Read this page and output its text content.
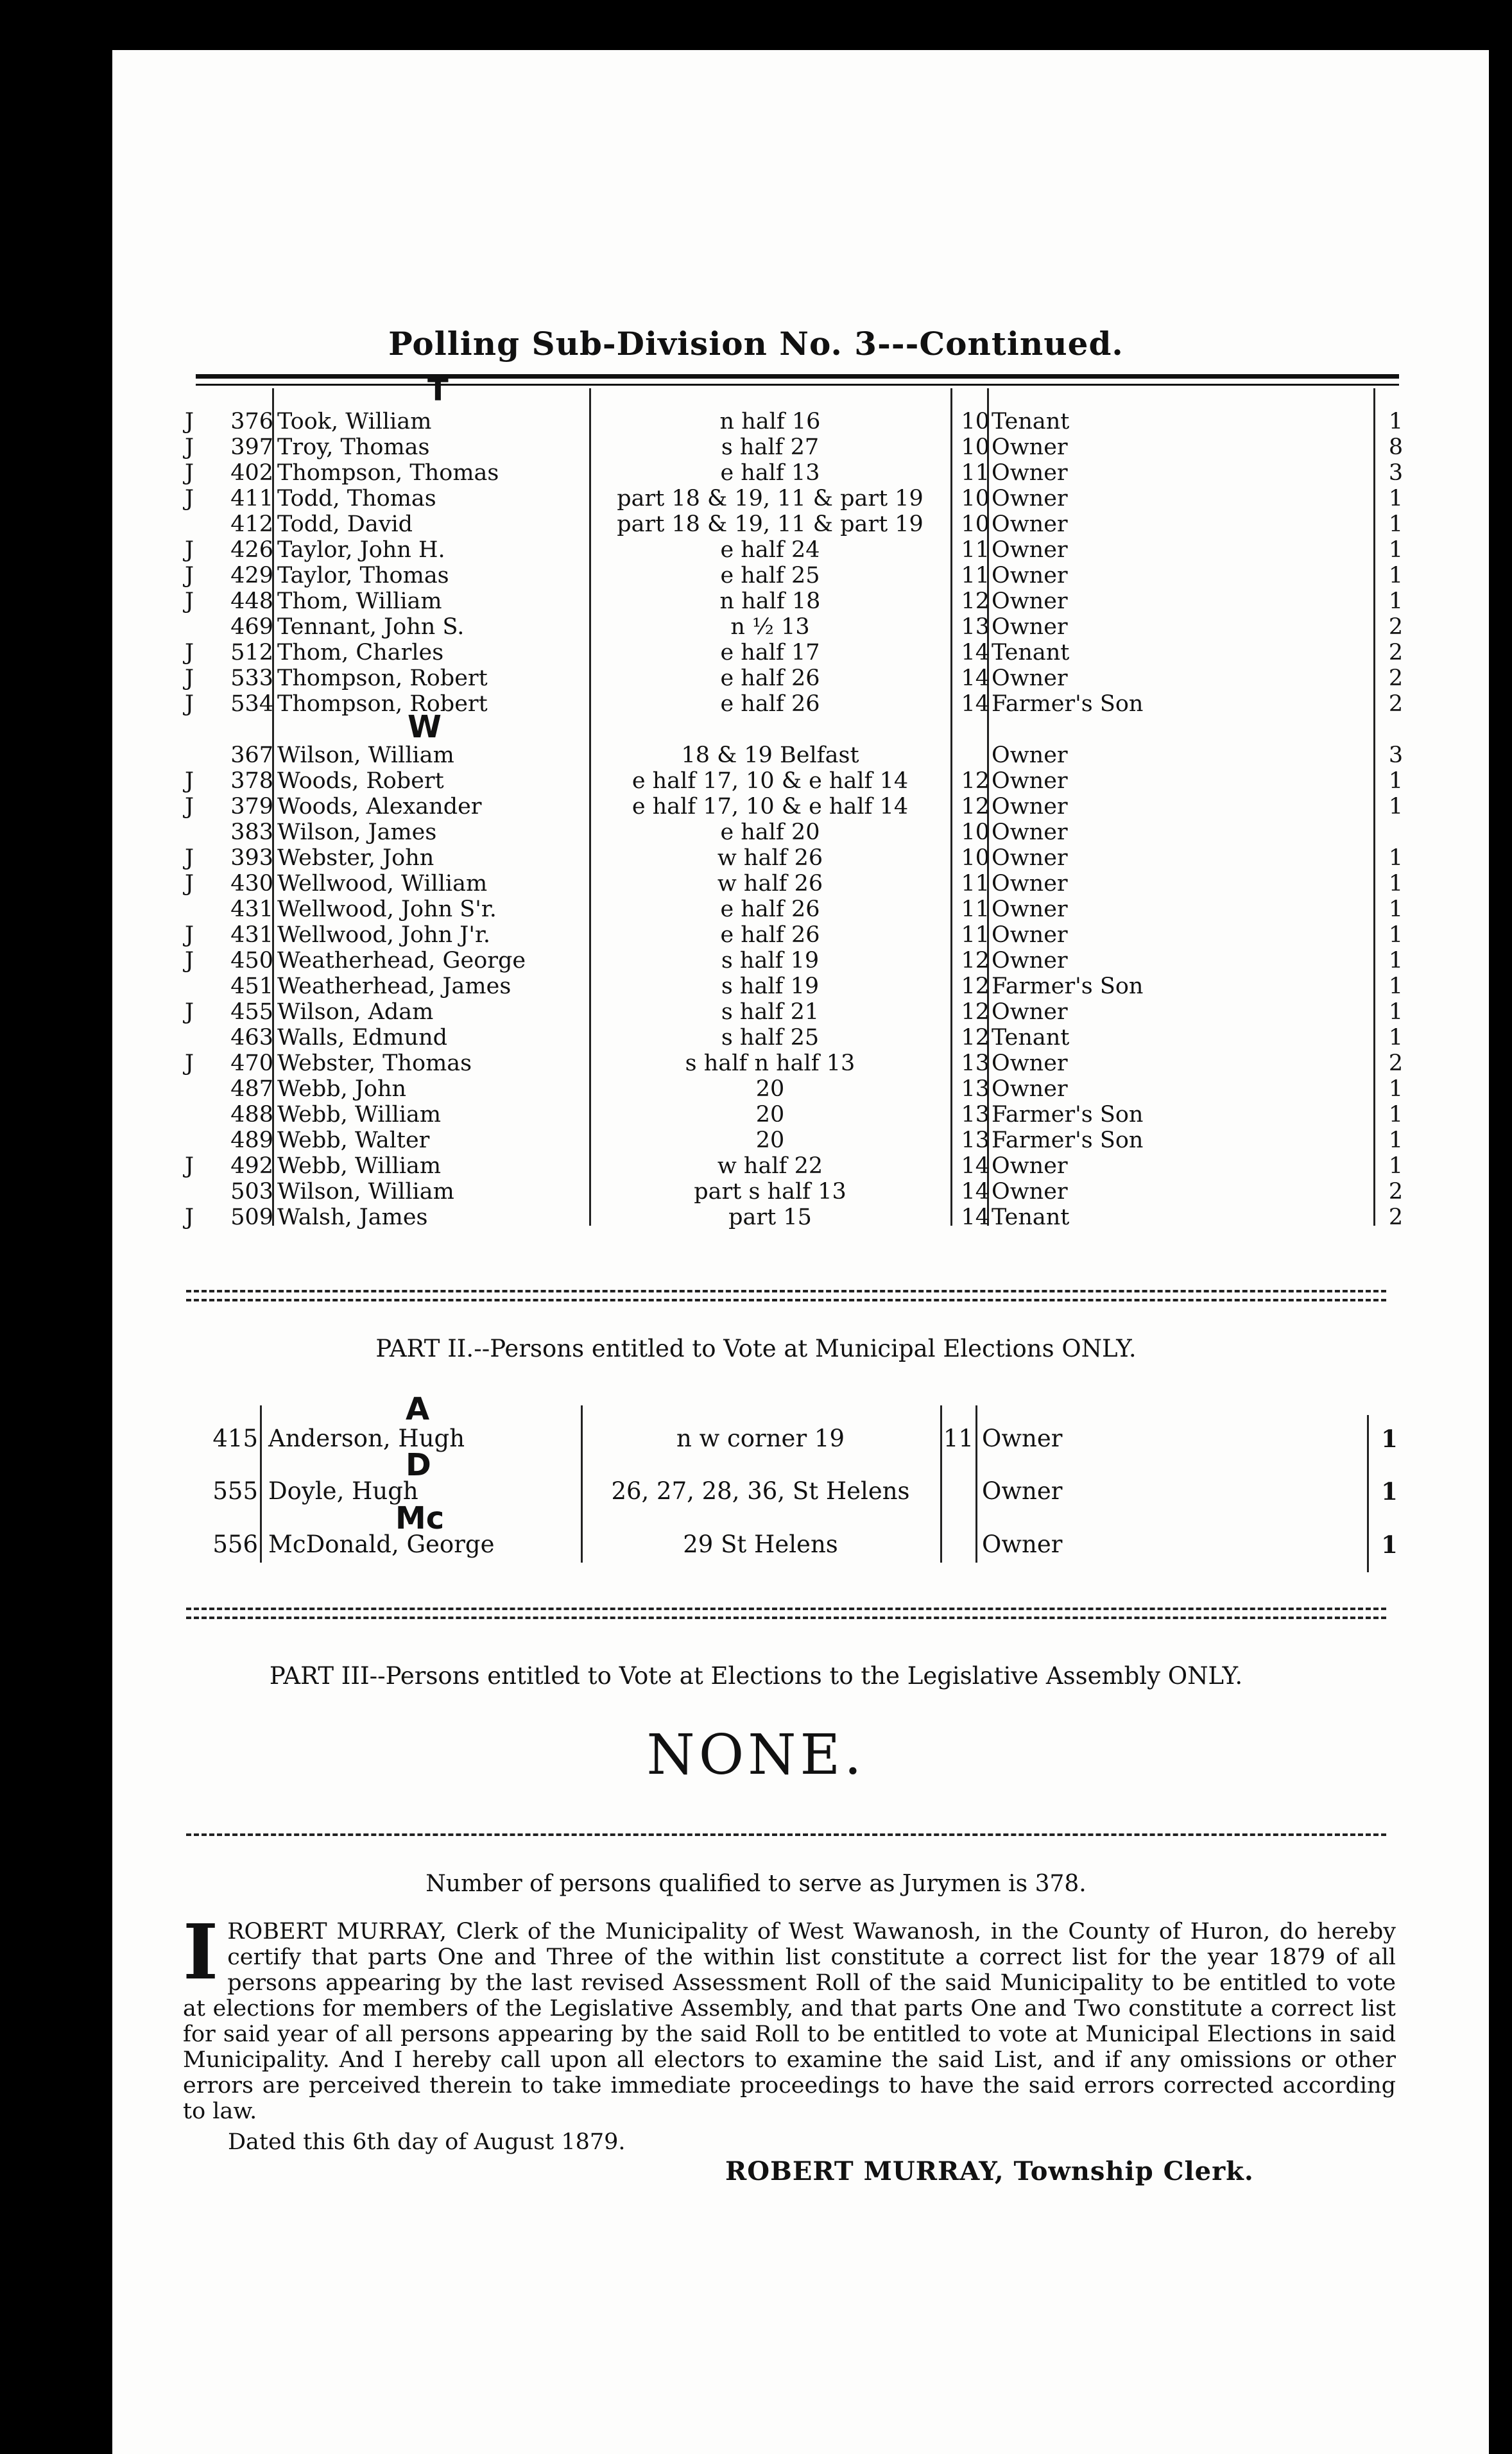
Polling Sub-Division No. 3---Continued.
T
W
J	376 Took, William	n half 16	10 Tenant	1
J	397 Troy, Thomas	s half 27	10 Owner	8
J	402 Thompson, Thomas	e half 13	11 Owner	3
J	411 Todd, Thomas	part 18 & 19, 11 & part 19	10 Owner	1
412 Todd, David	part 18 & 19, 11 & part 19	10 Owner	1
J	426 Taylor, John H.	e half 24	11 Owner	1
J	429 Taylor, Thomas	e half 25	11 Owner	1
J	448 Thom, William	n half 18	12 Owner	1
469 Tennant, John S.	n ½ 13	13 Owner	2
J	512 Thom, Charles	e half 17	14 Tenant	2
J	533 Thompson, Robert	e half 26	14 Owner	2
J	534 Thompson, Robert	e half 26	14 Farmer's Son	2
367 Wilson, William	18 & 19 Belfast	Owner	3
J	378 Woods, Robert	e half 17, 10 & e half 14	12 Owner	1
J	379 Woods, Alexander	e half 17, 10 & e half 14	12 Owner	1
383 Wilson, James	e half 20	10 Owner
J	393 Webster, John	w half 26	10 Owner	1
J	430 Wellwood, William	w half 26	11 Owner	1
431 Wellwood, John S'r.	e half 26	11 Owner	1
J	431 Wellwood, John J'r.	e half 26	11 Owner	1
J	450 Weatherhead, George	s half 19	12 Owner	1
451 Weatherhead, James	s half 19	12 Farmer's Son	1
J	455 Wilson, Adam	s half 21	12 Owner	1
463 Walls, Edmund	s half 25	12 Tenant	1
J	470 Webster, Thomas	s half n half 13	13 Owner	2
487 Webb, John	20	13 Owner	1
488 Webb, William	20	13 Farmer's Son	1
489 Webb, Walter	20	13 Farmer's Son	1
J	492 Webb, William	w half 22	14 Owner	1
503 Wilson, William	part s half 13	14 Owner	2
J	509 Walsh, James	part 15	14 Tenant	2
PART II.--Persons entitled to Vote at Municipal Elections ONLY.
A
D
Mc
415 Anderson, Hugh	n w corner 19	11 Owner	1
555 Doyle, Hugh	26, 27, 28, 36, St Helens	Owner	1
556 McDonald, George	29 St Helens	Owner	1
PART III--Persons entitled to Vote at Elections to the Legislative Assembly ONLY.
NONE.
Number of persons qualified to serve as Jurymen is 378.
I ROBERT MURRAY, Clerk of the Municipality of West Wawanosh, in the County of Huron, do hereby certify that parts One and Three of the within list constitute a correct list for the year 1879 of all persons appearing by the last revised Assessment Roll of the said Municipality to be entitled to vote at elections for members of the Legislative Assembly, and that parts One and Two constitute a correct list for said year of all persons appearing by the said Roll to be entitled to vote at Municipal Elections in said Municipality. And I hereby call upon all electors to examine the said List, and if any omissions or other errors are perceived therein to take immediate proceedings to have the said errors corrected according to law.
Dated this 6th day of August 1879.
ROBERT MURRAY, Township Clerk.
